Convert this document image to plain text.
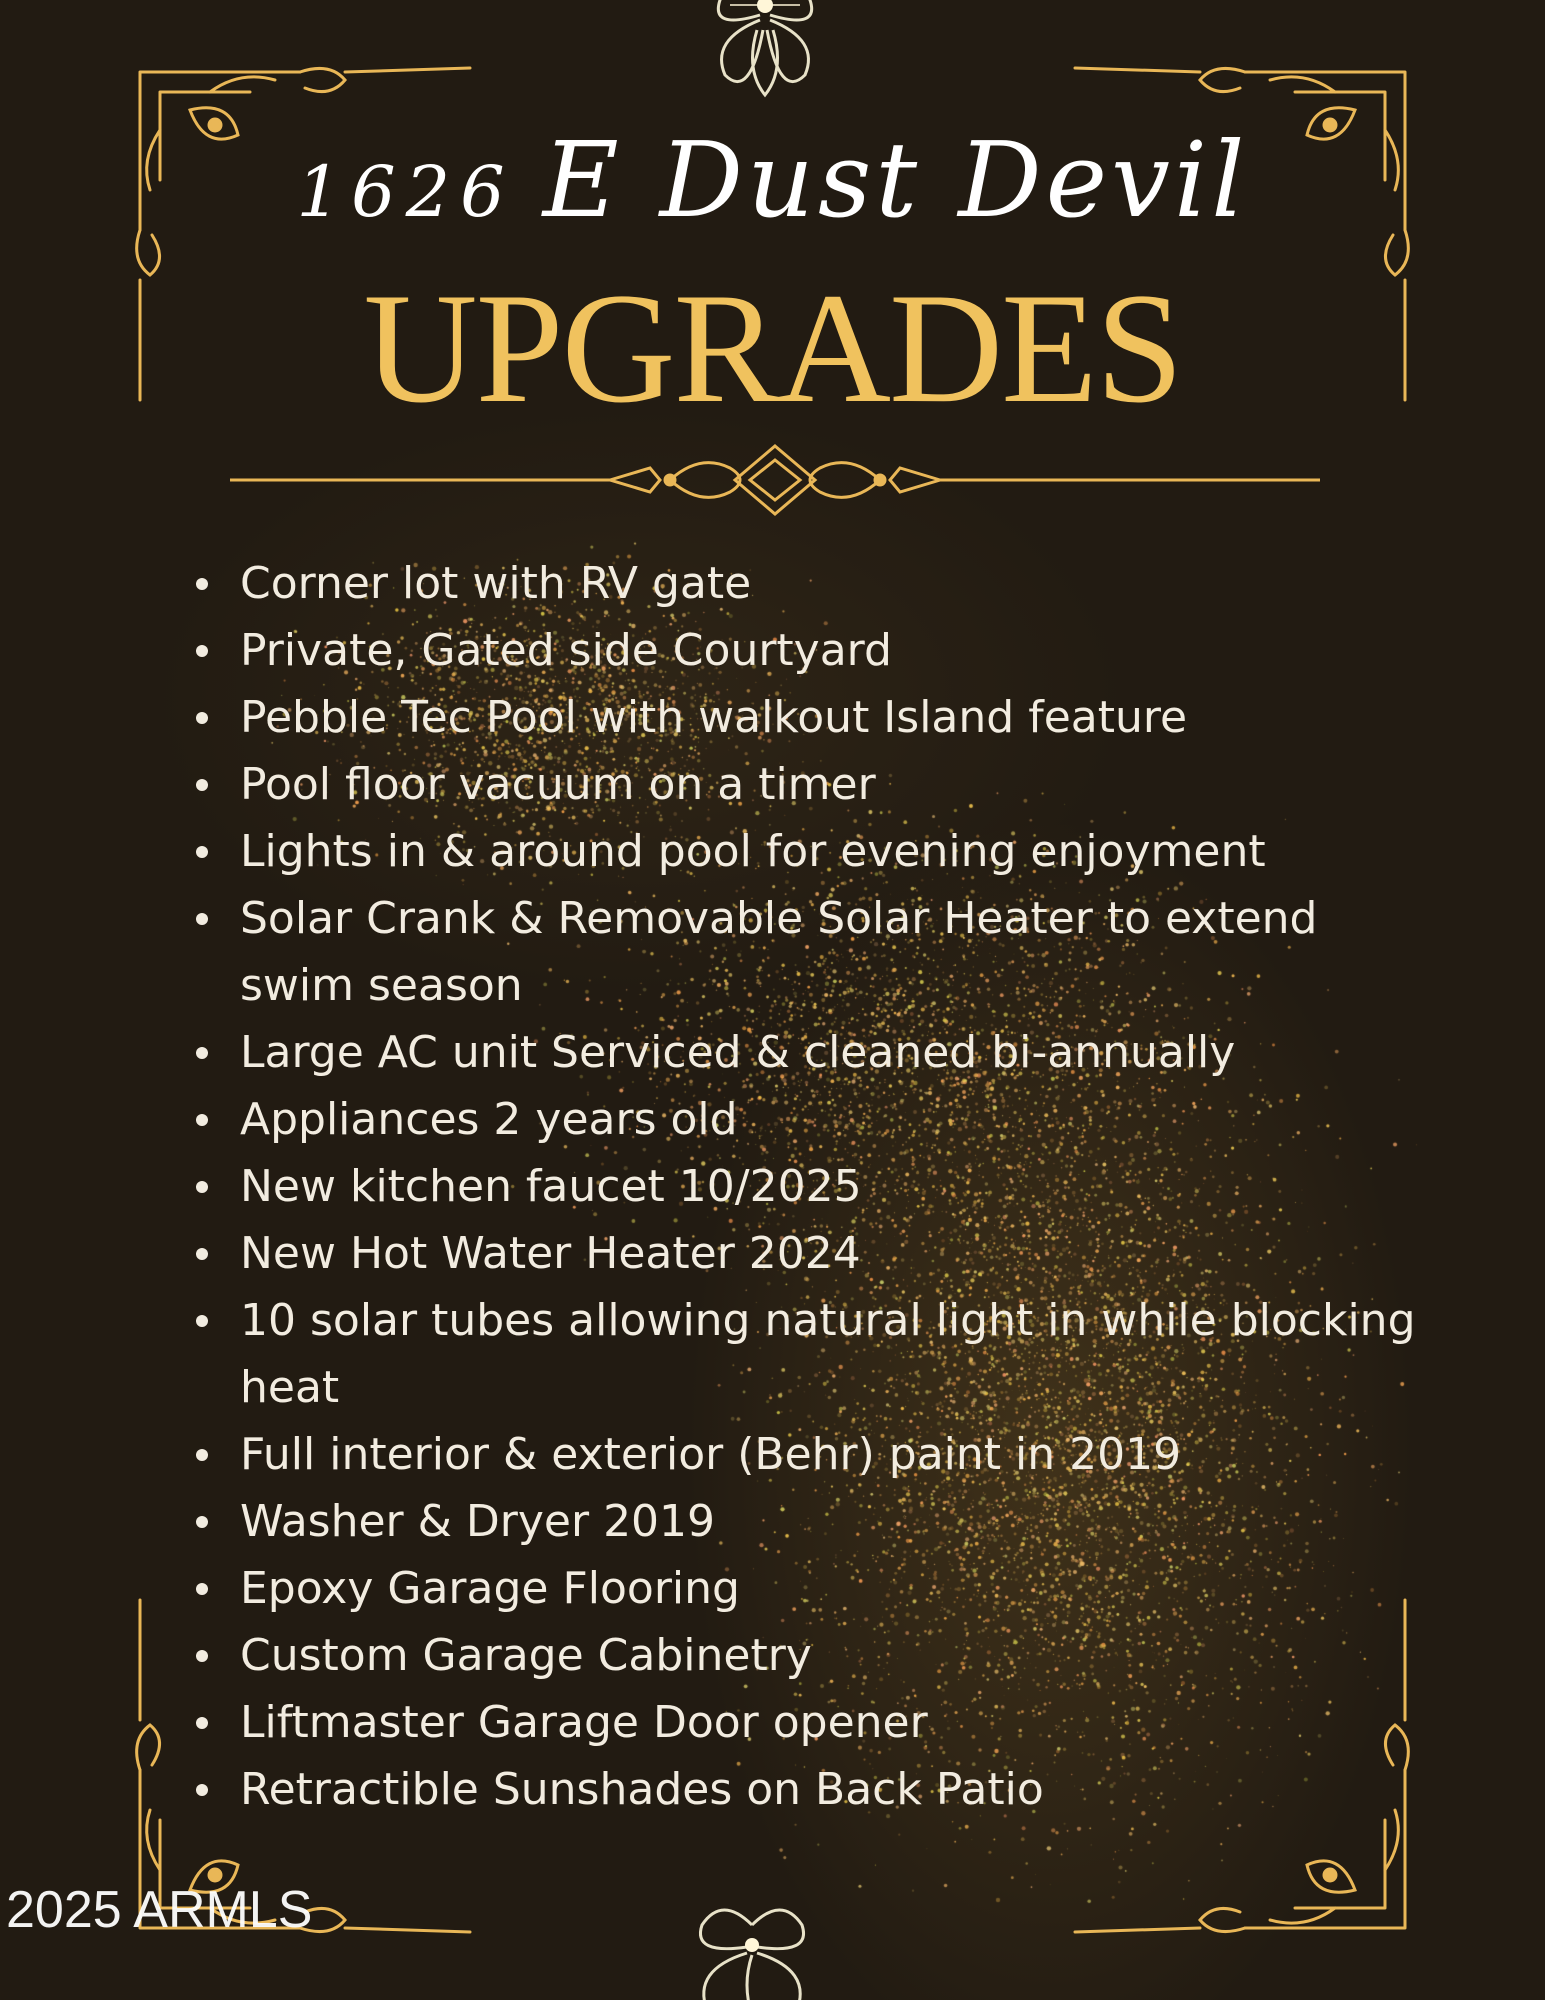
1626 E Dust Devil
UPGRADES
Corner lot with RV gate
Private, Gated side Courtyard
Pebble Tec Pool with walkout Island feature
Pool floor vacuum on a timer
Lights in & around pool for evening enjoyment
Solar Crank & Removable Solar Heater to extend swim season
Large AC unit Serviced & cleaned bi-annually
Appliances 2 years old
New kitchen faucet 10/2025
New Hot Water Heater 2024
10 solar tubes allowing natural light in while blocking heat
Full interior & exterior (Behr) paint in 2019
Washer & Dryer 2019
Epoxy Garage Flooring
Custom Garage Cabinetry
Liftmaster Garage Door opener
Retractible Sunshades on Back Patio
2025 ARMLS
